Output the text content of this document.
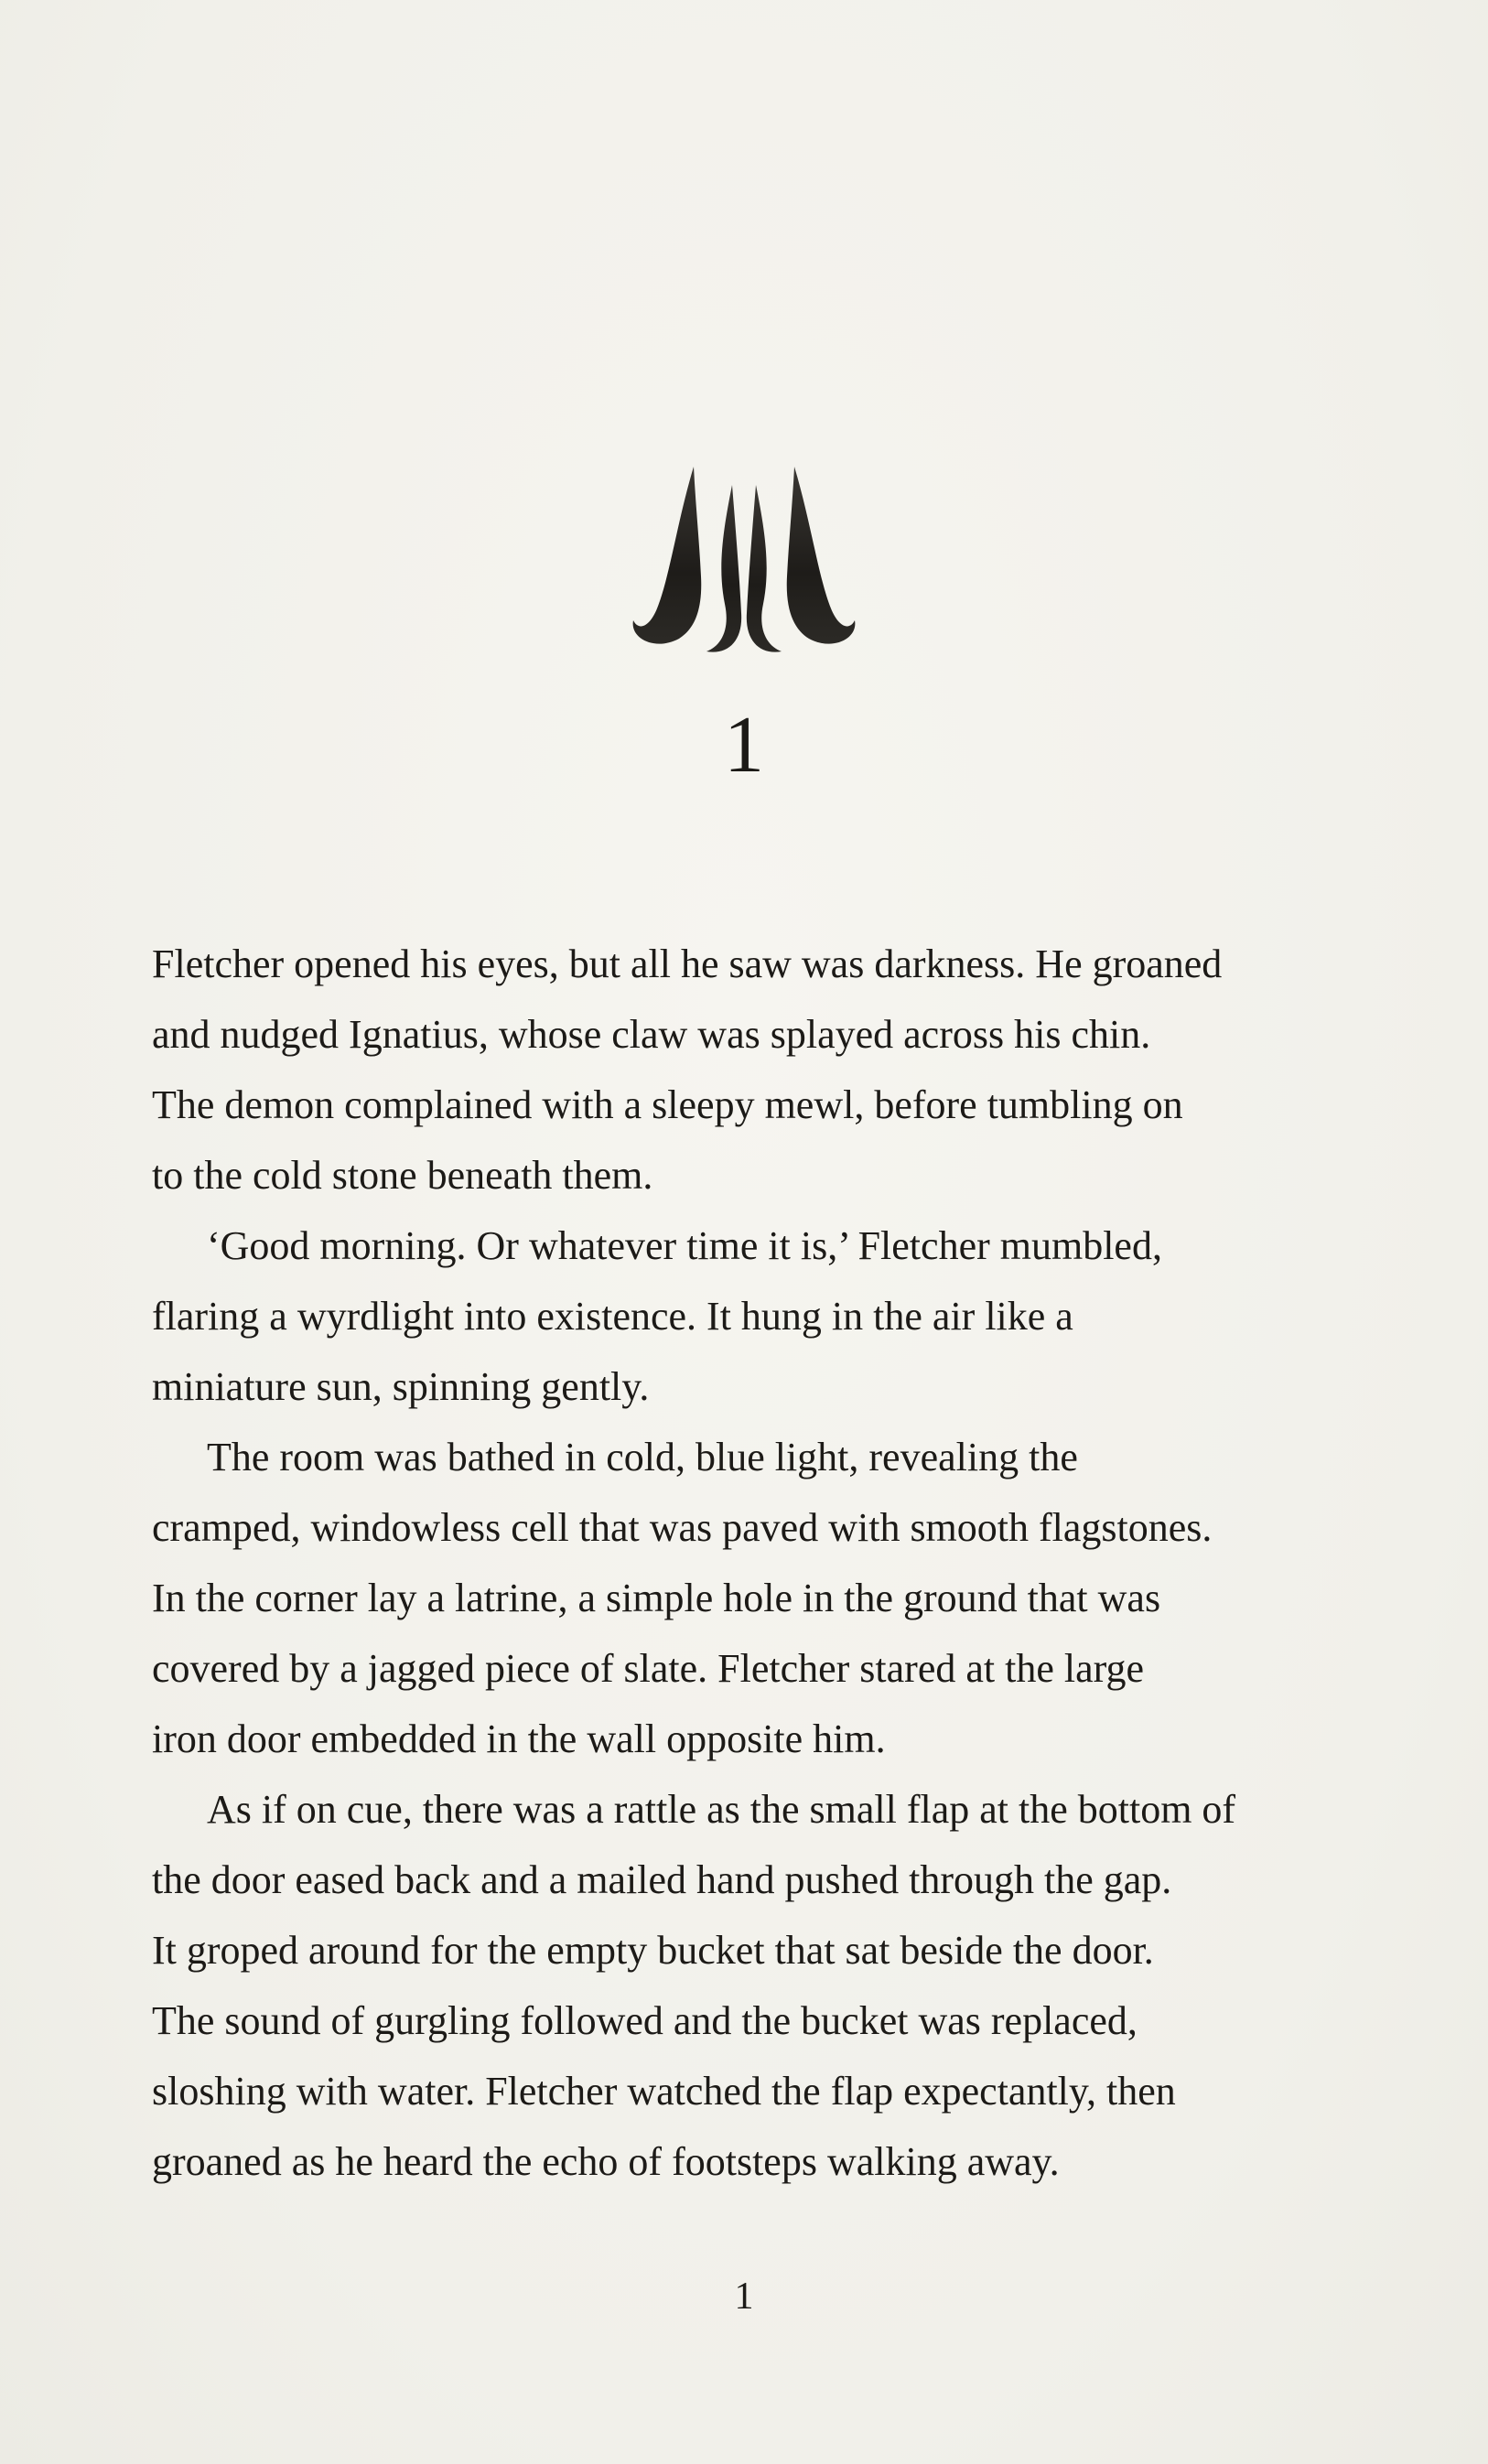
1

Fletcher opened his eyes, but all he saw was darkness. He groaned
and nudged Ignatius, whose claw was splayed across his chin.
The demon complained with a sleepy mewl, before tumbling on
to the cold stone beneath them.

‘Good morning. Or whatever time it is,’ Fletcher mumbled,
flaring a wyrdlight into existence. It hung in the air like a
miniature sun, spinning gently.

The room was bathed in cold, blue light, revealing the
cramped, windowless cell that was paved with smooth flagstones.
In the corner lay a latrine, a simple hole in the ground that was
covered by a jagged piece of slate. Fletcher stared at the large
iron door embedded in the wall opposite him.

As if on cue, there was a rattle as the small flap at the bottom of
the door eased back and a mailed hand pushed through the gap.
It groped around for the empty bucket that sat beside the door.
The sound of gurgling followed and the bucket was replaced,
sloshing with water. Fletcher watched the flap expectantly, then
groaned as he heard the echo of footsteps walking away.

1
